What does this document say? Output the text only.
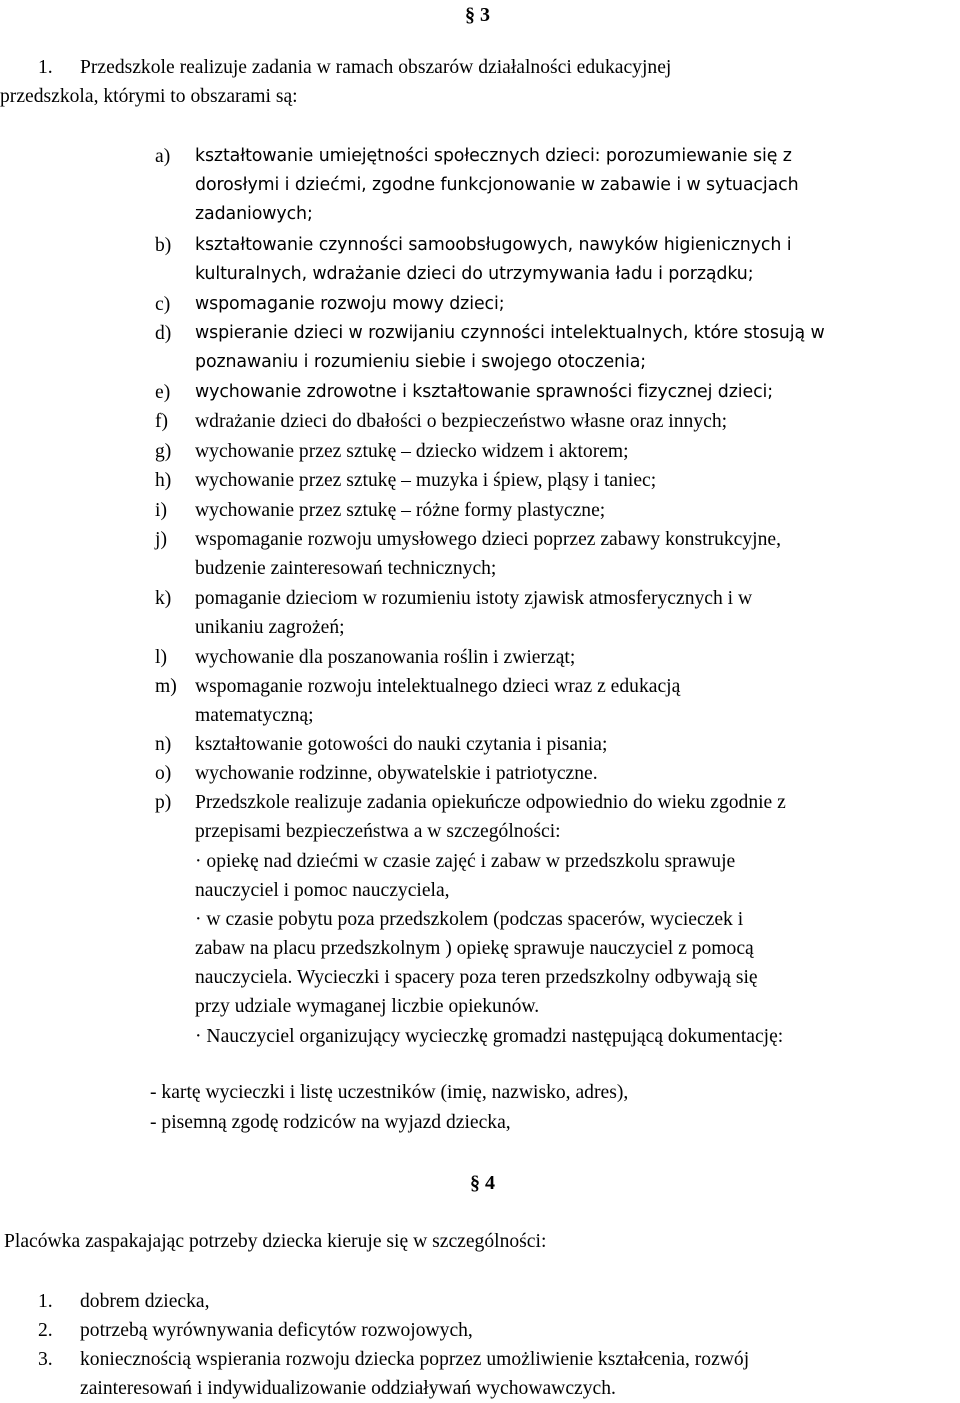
§ 3
1. Przedszkole realizuje zadania w ramach obszarów działalności edukacyjnej
przedszkola, którymi to obszarami są:
a) kształtowanie umiejętności społecznych dzieci: porozumiewanie się z
dorosłymi i dziećmi, zgodne funkcjonowanie w zabawie i w sytuacjach
zadaniowych;
b) kształtowanie czynności samoobsługowych, nawyków higienicznych i
kulturalnych, wdrażanie dzieci do utrzymywania ładu i porządku;
c) wspomaganie rozwoju mowy dzieci;
d) wspieranie dzieci w rozwijaniu czynności intelektualnych, które stosują w
poznawaniu i rozumieniu siebie i swojego otoczenia;
e) wychowanie zdrowotne i kształtowanie sprawności fizycznej dzieci;
f) wdrażanie dzieci do dbałości o bezpieczeństwo własne oraz innych;
g) wychowanie przez sztukę – dziecko widzem i aktorem;
h) wychowanie przez sztukę – muzyka i śpiew, pląsy i taniec;
i) wychowanie przez sztukę – różne formy plastyczne;
j) wspomaganie rozwoju umysłowego dzieci poprzez zabawy konstrukcyjne,
budzenie zainteresowań technicznych;
k) pomaganie dzieciom w rozumieniu istoty zjawisk atmosferycznych i w
unikaniu zagrożeń;
l) wychowanie dla poszanowania roślin i zwierząt;
m) wspomaganie rozwoju intelektualnego dzieci wraz z edukacją
matematyczną;
n) kształtowanie gotowości do nauki czytania i pisania;
o) wychowanie rodzinne, obywatelskie i patriotyczne.
p) Przedszkole realizuje zadania opiekuńcze odpowiednio do wieku zgodnie z
przepisami bezpieczeństwa a w szczególności:
· opiekę nad dziećmi w czasie zajęć i zabaw w przedszkolu sprawuje
nauczyciel i pomoc nauczyciela,
· w czasie pobytu poza przedszkolem (podczas spacerów, wycieczek i
zabaw na placu przedszkolnym ) opiekę sprawuje nauczyciel z pomocą
nauczyciela. Wycieczki i spacery poza teren przedszkolny odbywają się
przy udziale wymaganej liczbie opiekunów.
· Nauczyciel organizujący wycieczkę gromadzi następującą dokumentację:
- kartę wycieczki i listę uczestników (imię, nazwisko, adres),
- pisemną zgodę rodziców na wyjazd dziecka,
§ 4
Placówka zaspakajając potrzeby dziecka kieruje się w szczególności:
1. dobrem dziecka,
2. potrzebą wyrównywania deficytów rozwojowych,
3. koniecznością wspierania rozwoju dziecka poprzez umożliwienie kształcenia, rozwój
zainteresowań i indywidualizowanie oddziaływań wychowawczych.
